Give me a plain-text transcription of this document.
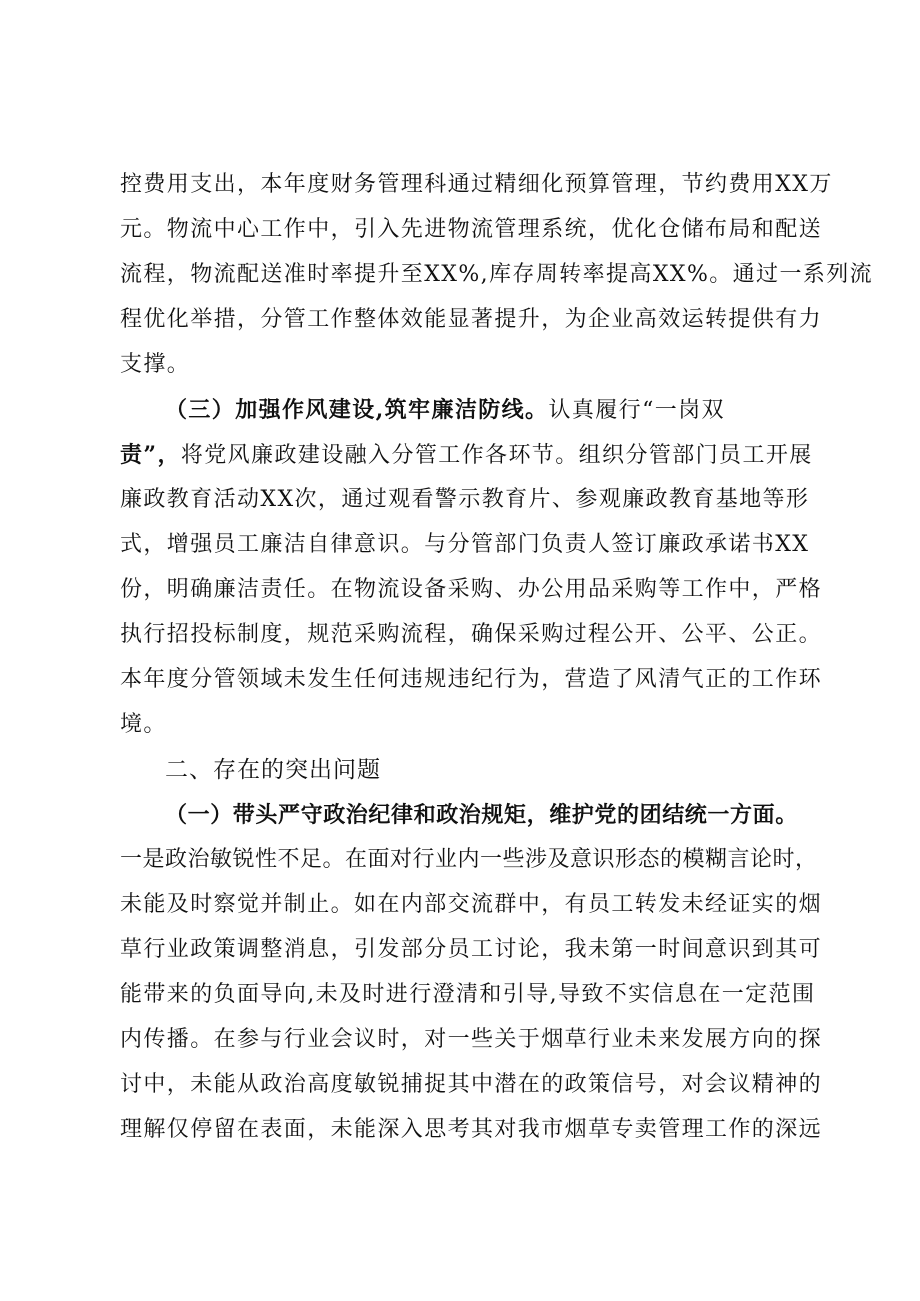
控费用支出，本年度财务管理科通过精细化预算管理，节约费用XX万
元。物流中心工作中，引入先进物流管理系统，优化仓储布局和配送
流程，物流配送准时率提升至XX%,库存周转率提高XX%。通过一系列流
程优化举措，分管工作整体效能显著提升，为企业高效运转提供有力
支撑。
（三）加强作风建设,筑牢廉洁防线。认真履行“一岗双
责”，将党风廉政建设融入分管工作各环节。组织分管部门员工开展
廉政教育活动XX次，通过观看警示教育片、参观廉政教育基地等形
式，增强员工廉洁自律意识。与分管部门负责人签订廉政承诺书XX
份，明确廉洁责任。在物流设备采购、办公用品采购等工作中，严格
执行招投标制度，规范采购流程，确保采购过程公开、公平、公正。
本年度分管领域未发生任何违规违纪行为，营造了风清气正的工作环
境。
二、存在的突出问题
（一）带头严守政治纪律和政治规矩，维护党的团结统一方面。
一是政治敏锐性不足。在面对行业内一些涉及意识形态的模糊言论时，
未能及时察觉并制止。如在内部交流群中，有员工转发未经证实的烟
草行业政策调整消息，引发部分员工讨论，我未第一时间意识到其可
能带来的负面导向,未及时进行澄清和引导,导致不实信息在一定范围
内传播。在参与行业会议时，对一些关于烟草行业未来发展方向的探
讨中，未能从政治高度敏锐捕捉其中潜在的政策信号，对会议精神的
理解仅停留在表面，未能深入思考其对我市烟草专卖管理工作的深远
